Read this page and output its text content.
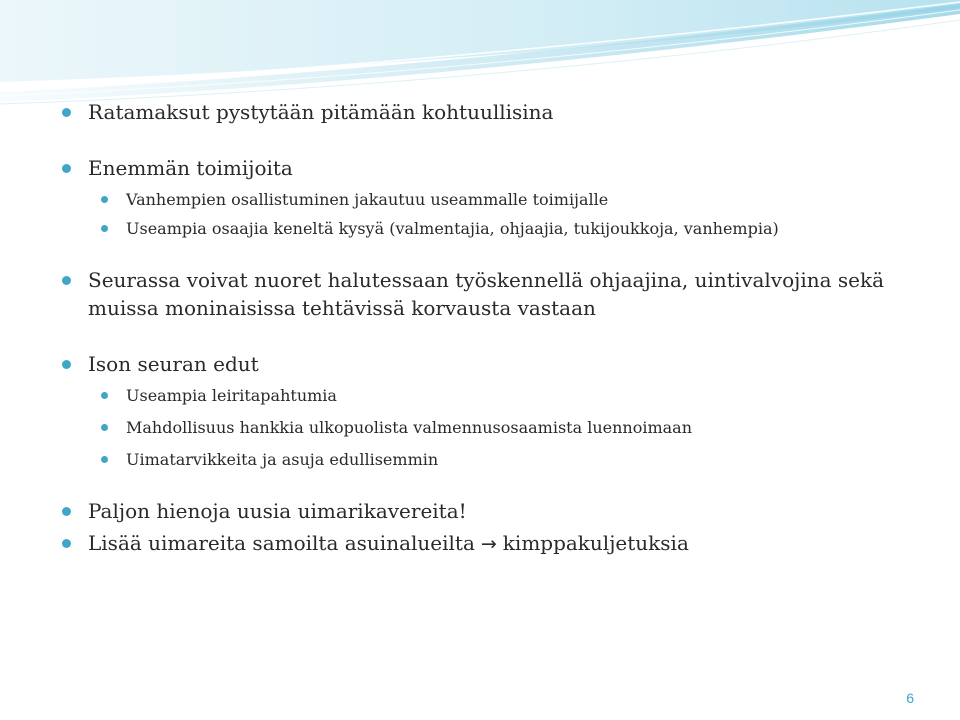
Ratamaksut pystytään pitämään kohtuullisina
Enemmän toimijoita
Vanhempien osallistuminen jakautuu useammalle toimijalle
Useampia osaajia keneltä kysyä (valmentajia, ohjaajia, tukijoukkoja, vanhempia)
Seurassa voivat nuoret halutessaan työskennellä ohjaajina, uintivalvojina sekä
muissa moninaisissa tehtävissä korvausta vastaan
Ison seuran edut
Useampia leiritapahtumia
Mahdollisuus hankkia ulkopuolista valmennusosaamista luennoimaan
Uimatarvikkeita ja asuja edullisemmin
Paljon hienoja uusia uimarikavereita!
Lisää uimareita samoilta asuinalueilta → kimppakuljetuksia
6
